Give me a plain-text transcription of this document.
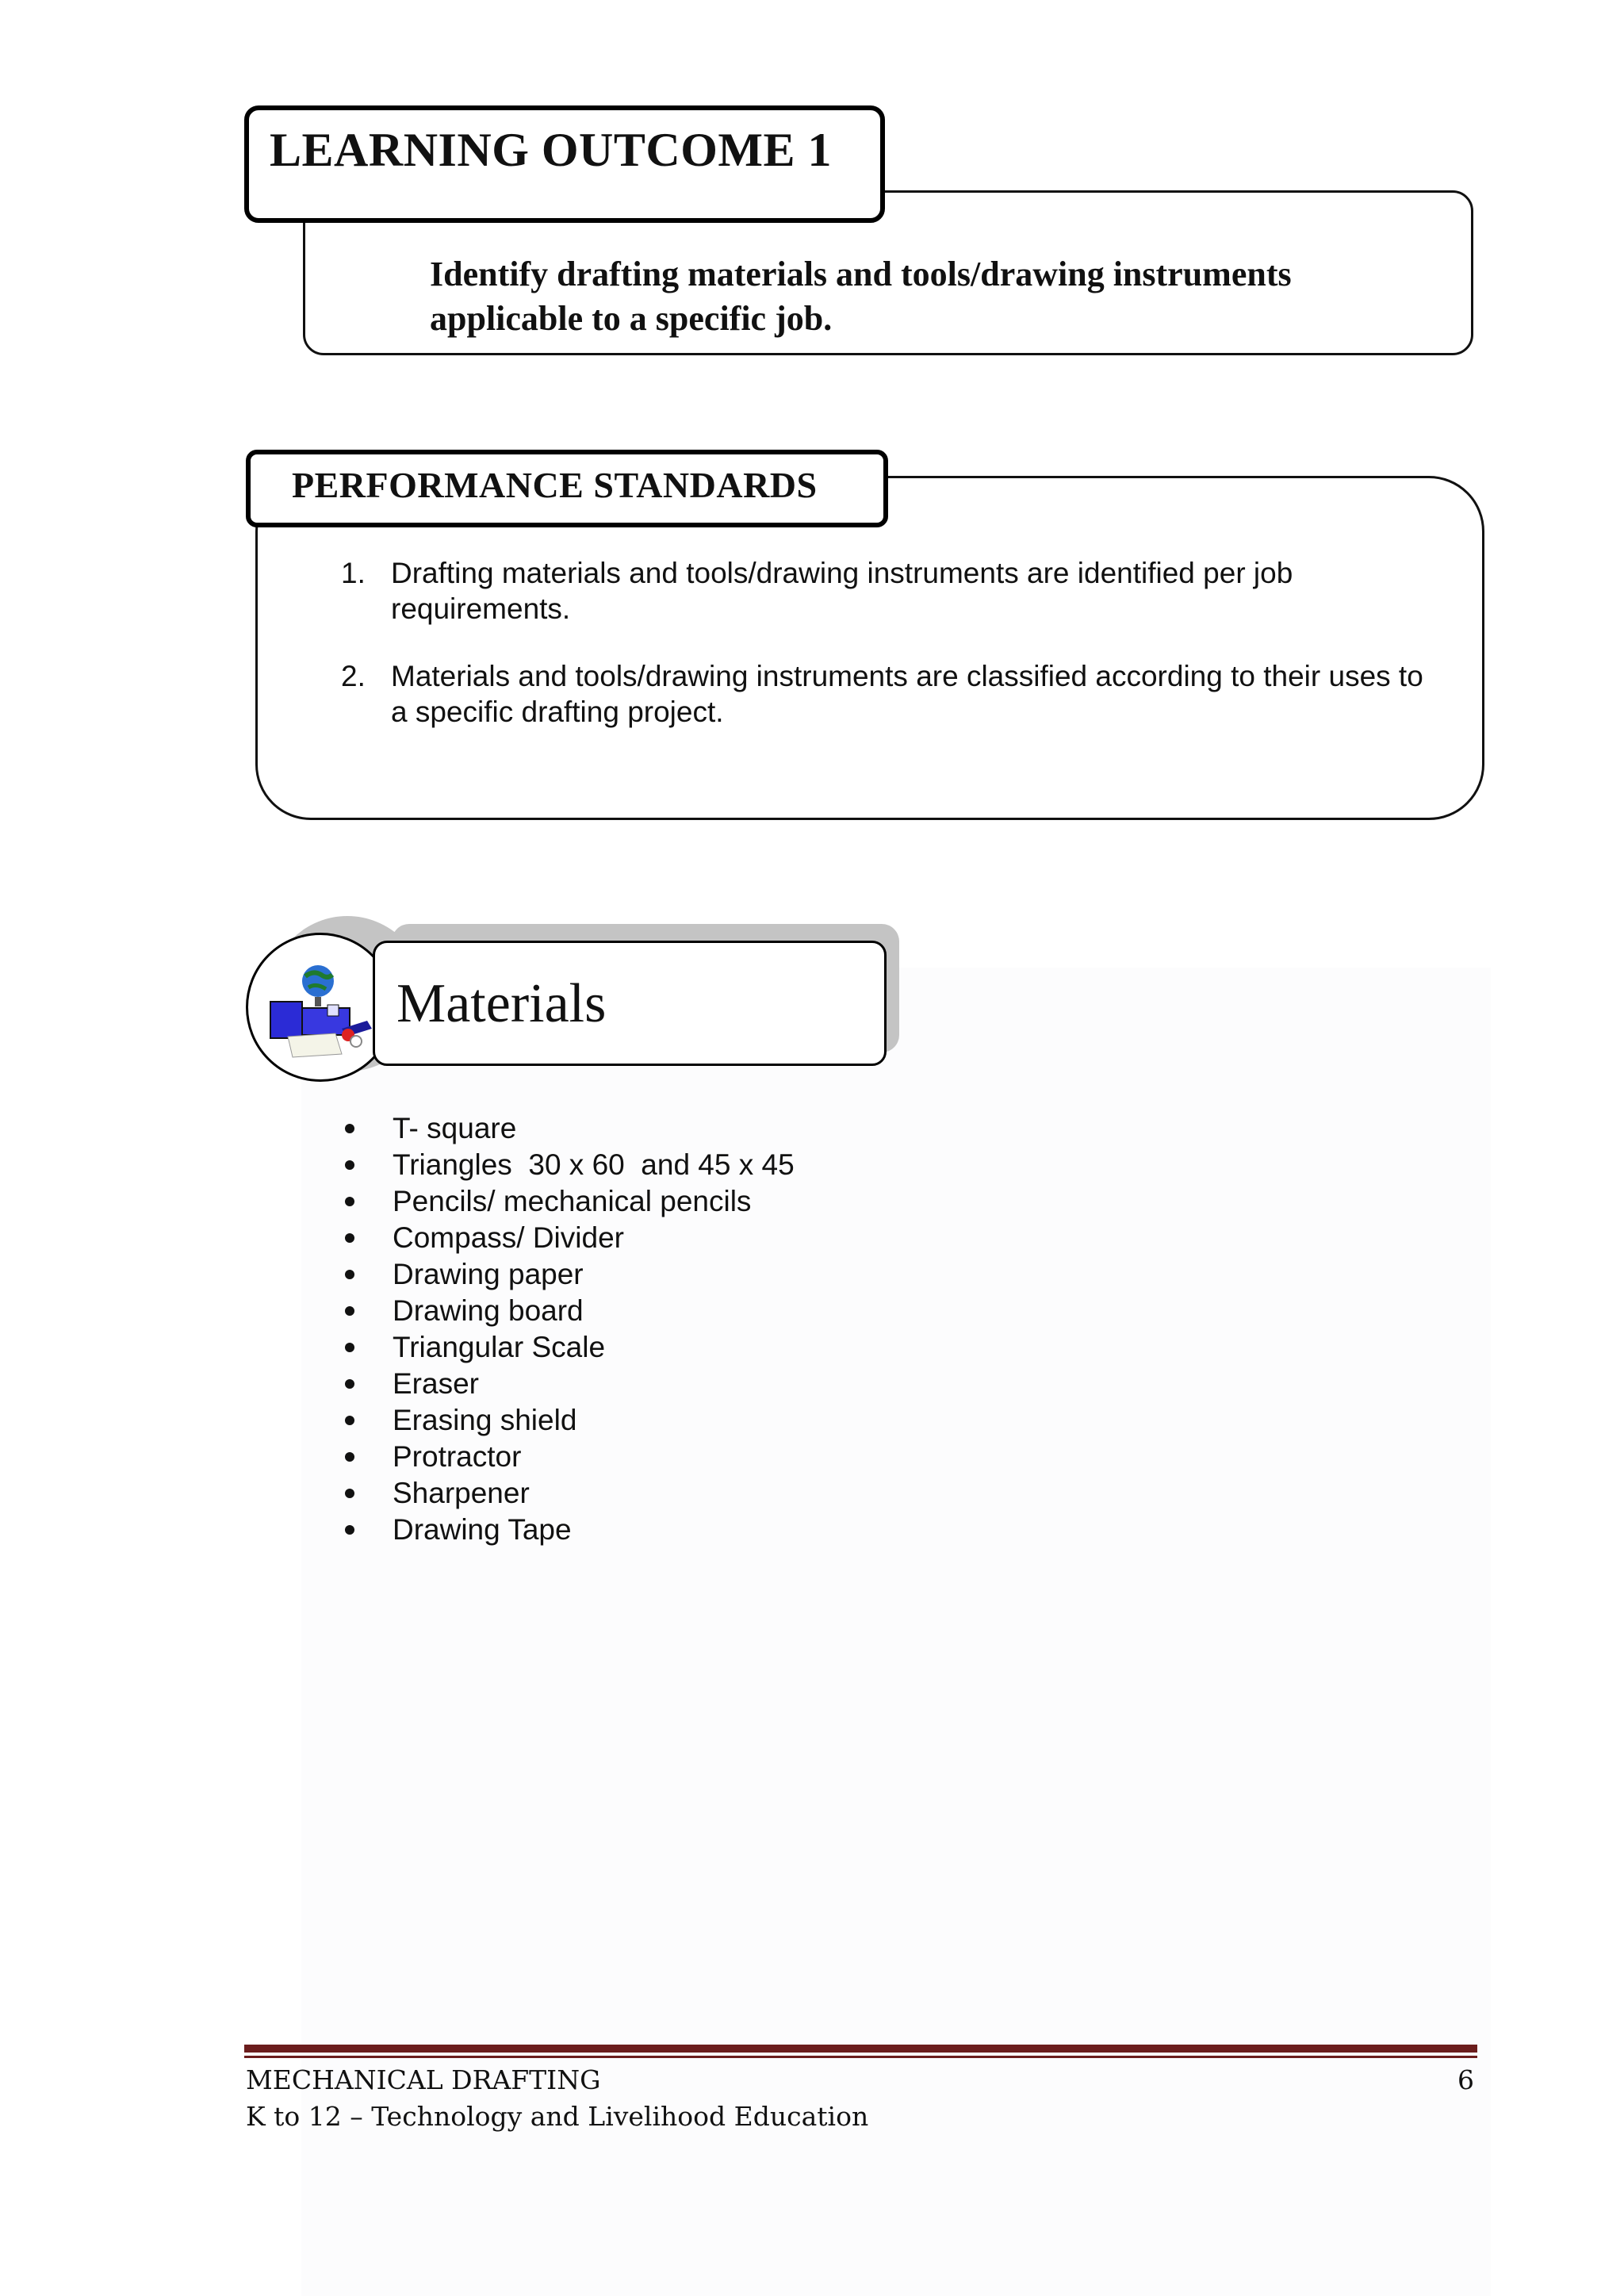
LEARNING OUTCOME 1

Identify drafting materials and tools/drawing instruments applicable to a specific job.

PERFORMANCE STANDARDS
1. Drafting materials and tools/drawing instruments are identified per job requirements.
2. Materials and tools/drawing instruments are classified according to their uses to a specific drafting project.
Materials
T- square
Triangles  30 x 60  and 45 x 45
Pencils/ mechanical pencils
Compass/ Divider
Drawing paper
Drawing board
Triangular Scale
Eraser
Erasing shield
Protractor
Sharpener
Drawing Tape
MECHANICAL DRAFTING
K to 12 – Technology and Livelihood Education
6
